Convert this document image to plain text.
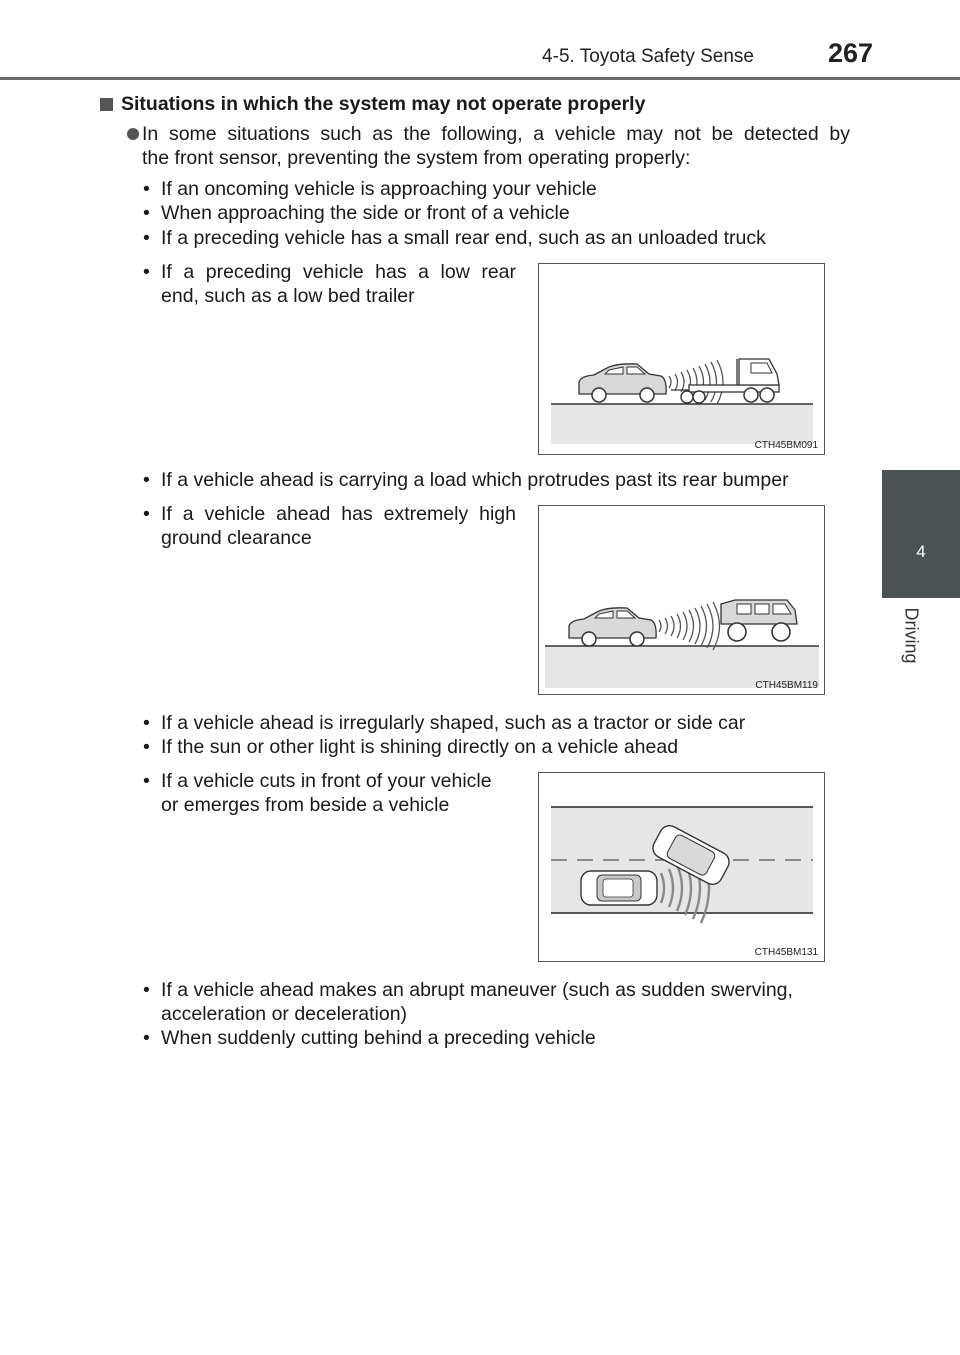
4-5. Toyota Safety Sense	267
4
Driving
Situations in which the system may not operate properly
In some situations such as the following, a vehicle may not be detected by
the front sensor, preventing the system from operating properly:
• If an oncoming vehicle is approaching your vehicle
• When approaching the side or front of a vehicle
• If a preceding vehicle has a small rear end, such as an unloaded truck
• If a preceding vehicle has a low rear
end, such as a low bed trailer
CTH45BM091
• If a vehicle ahead is carrying a load which protrudes past its rear bumper
• If a vehicle ahead has extremely high
ground clearance
CTH45BM119
• If a vehicle ahead is irregularly shaped, such as a tractor or side car
• If the sun or other light is shining directly on a vehicle ahead
• If a vehicle cuts in front of your vehicle
or emerges from beside a vehicle
CTH45BM131
• If a vehicle ahead makes an abrupt maneuver (such as sudden swerving,
acceleration or deceleration)
• When suddenly cutting behind a preceding vehicle
